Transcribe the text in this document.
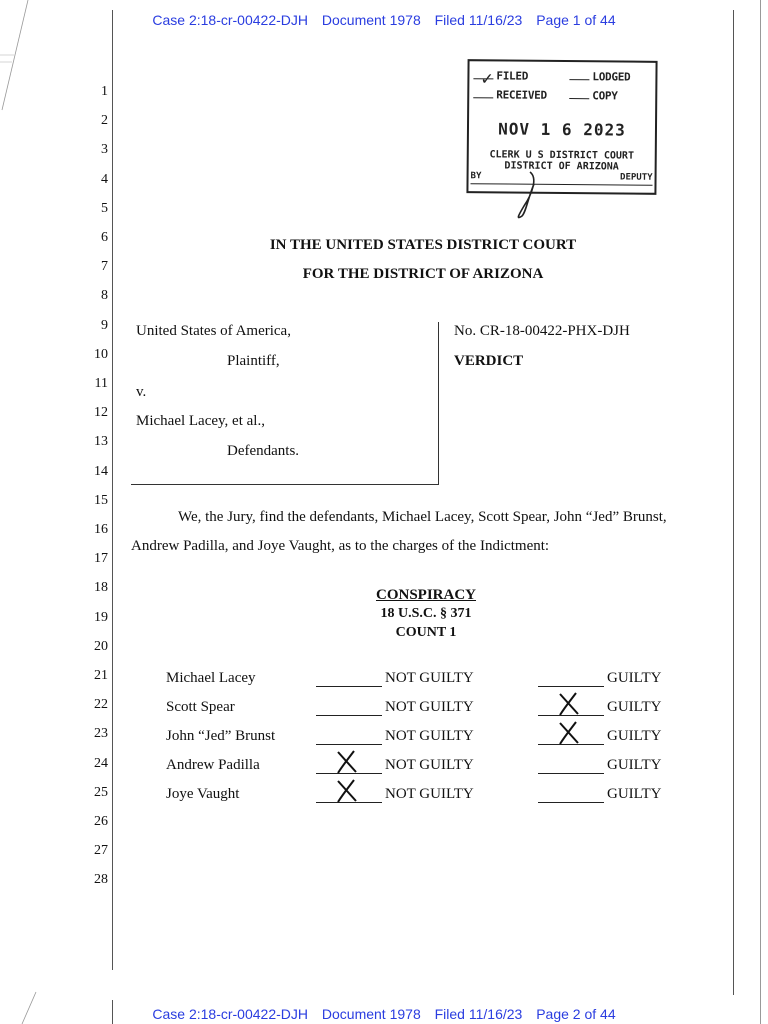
Case 2:18-cr-00422-DJH Document 1978 Filed 11/16/23 Page 1 of 44
1
2
3
4
5
6
7
8
9
10
11
12
13
14
15
16
17
18
19
20
21
22
23
24
25
26
27
28
✓ FILED	LODGED
RECEIVED	COPY
NOV 1 6 2023
CLERK U S DISTRICT COURT
DISTRICT OF ARIZONA
BY	DEPUTY
IN THE UNITED STATES DISTRICT COURT
FOR THE DISTRICT OF ARIZONA
United States of America,
Plaintiff,
v.
Michael Lacey, et al.,
Defendants.
No. CR-18-00422-PHX-DJH
VERDICT
We, the Jury, find the defendants, Michael Lacey, Scott Spear, John “Jed” Brunst,
Andrew Padilla, and Joye Vaught, as to the charges of the Indictment:
CONSPIRACY
18 U.S.C. § 371
COUNT 1
Michael Lacey	NOT GUILTY	GUILTY
Scott Spear	NOT GUILTY	GUILTY
John “Jed” Brunst	NOT GUILTY	GUILTY
Andrew Padilla	NOT GUILTY	GUILTY
Joye Vaught	NOT GUILTY	GUILTY
Case 2:18-cr-00422-DJH Document 1978 Filed 11/16/23 Page 2 of 44
